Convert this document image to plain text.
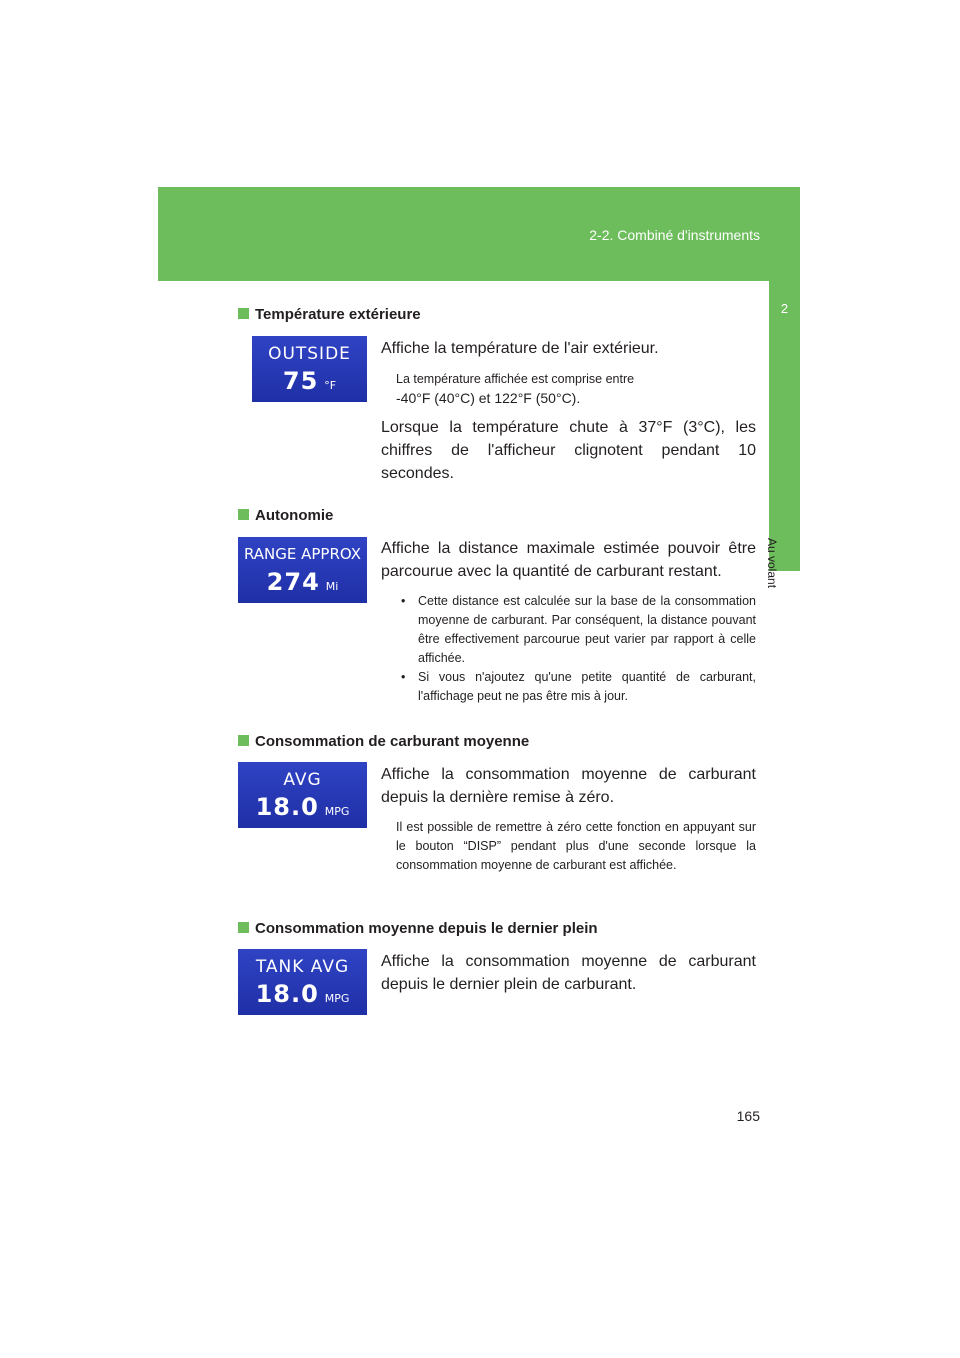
2-2. Combiné d'instruments
2
Au volant
Température extérieure
OUTSIDE
75 °F
Affiche la température de l'air extérieur.
La température affichée est comprise entre
-40°F (40°C) et 122°F (50°C).
Lorsque la température chute à 37°F (3°C), les chiffres de l'afficheur clignotent pendant 10 secondes.
Autonomie
RANGE APPROX
274 Mi
Affiche la distance maximale estimée pouvoir être parcourue avec la quantité de carburant restant.
• Cette distance est calculée sur la base de la consommation moyenne de carburant. Par conséquent, la distance pouvant être effectivement parcourue peut varier par rapport à celle affichée.
• Si vous n'ajoutez qu'une petite quantité de carburant, l'affichage peut ne pas être mis à jour.
Consommation de carburant moyenne
AVG
18.0 MPG
Affiche la consommation moyenne de carburant depuis la dernière remise à zéro.
Il est possible de remettre à zéro cette fonction en appuyant sur le bouton “DISP” pendant plus d'une seconde lorsque la consommation moyenne de carburant est affichée.
Consommation moyenne depuis le dernier plein
TANK AVG
18.0 MPG
Affiche la consommation moyenne de carburant depuis le dernier plein de carburant.
165
